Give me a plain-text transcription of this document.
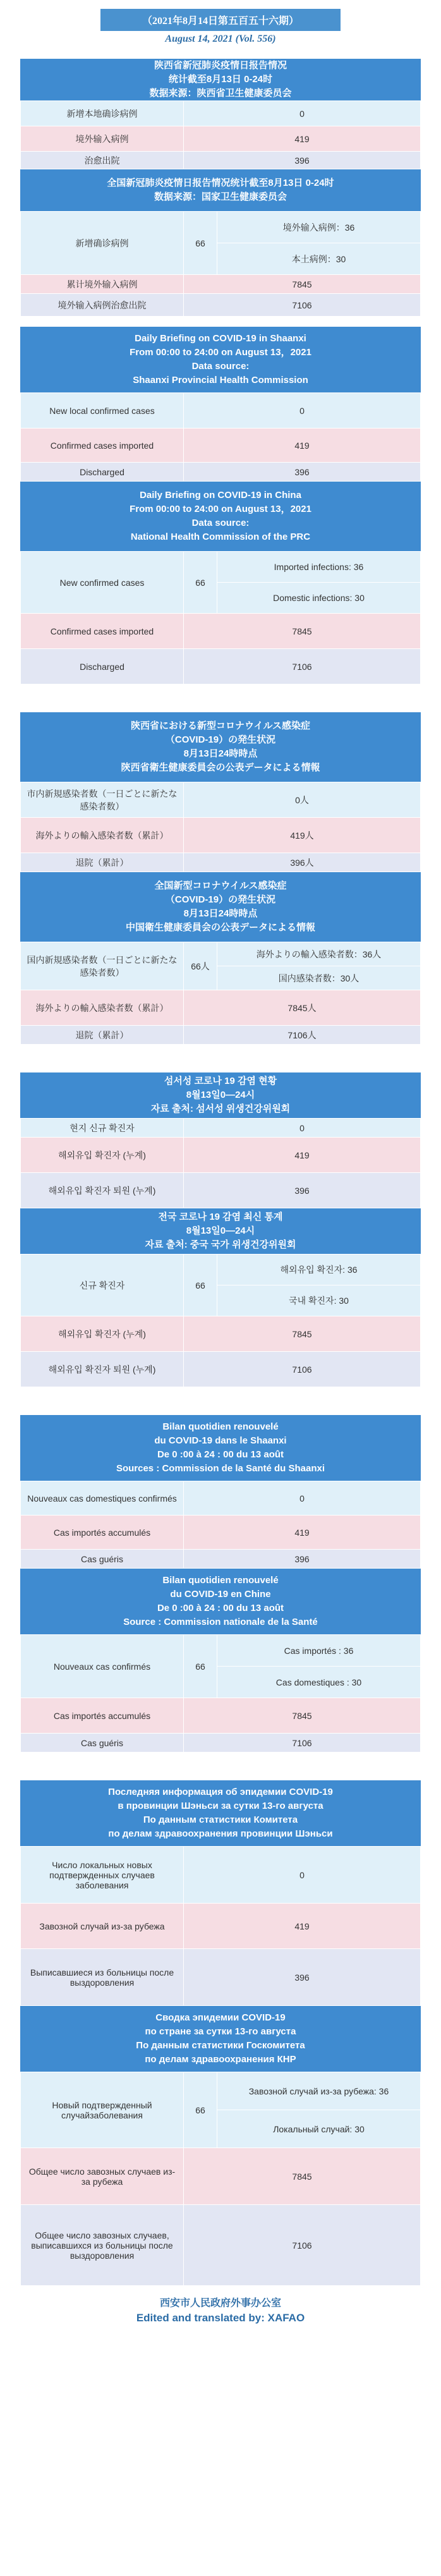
（2021年8月14日第五百五十六期）
August 14, 2021 (Vol. 556)
陕西省新冠肺炎疫情日报告情况
统计截至8月13日 0-24时
数据来源：陕西省卫生健康委员会
新增本地确诊病例	0
境外输入病例	419
治愈出院	396
全国新冠肺炎疫情日报告情况统计截至8月13日 0-24时
数据来源：国家卫生健康委员会
新增确诊病例	66	境外输入病例：36
		本土病例：30
累计境外输入病例	7845	
境外输入病例治愈出院	7106	
Daily Briefing on COVID-19 in Shaanxi
From 00:00 to 24:00 on August 13，2021
Data source:
Shaanxi Provincial Health Commission
New local confirmed cases	0
Confirmed cases imported	419
Discharged	396
Daily Briefing on COVID-19 in China
From 00:00 to 24:00 on August 13，2021
Data source:
National Health Commission of the PRC
New confirmed cases	66	Imported infections: 36
		Domestic infections: 30
Confirmed cases imported	7845	
Discharged	7106	
陝西省における新型コロナウイルス感染症
（COVID-19）の発生状況
8月13日24時時点
陝西省衛生健康委員会の公表データによる情報
市内新規感染者数（一日ごとに新たな感染者数）	0人
海外よりの輸入感染者数（累計）	419人
退院（累計）	396人
全国新型コロナウイルス感染症
（COVID-19）の発生状況
8月13日24時時点
中国衛生健康委員会の公表データによる情報
国内新規感染者数（一日ごとに新たな感染者数）	66人	海外よりの輸入感染者数：36人
		国内感染者数：30人
海外よりの輸入感染者数（累計）	7845人	
退院（累計）	7106人	
섬서성 코로나 19 감염 현황
8월13일0—24시
자료 출처: 섬서성 위생건강위원회
현지 신규 확진자	0
해외유입 확진자 (누계)	419
해외유입 확진자 퇴원 (누계)	396
전국 코로나 19 감염 최신 통계
8월13일0—24시
자료 출처: 중국 국가 위생건강위원회
신규 확진자	66	해외유입 확진자: 36
		국내 확진자: 30
해외유입 확진자 (누계)	7845	
해외유입 확진자 퇴원 (누계)	7106	
Bilan quotidien renouvelé
du COVID-19 dans le Shaanxi
De 0 :00 à 24 : 00 du 13 août
Sources : Commission de la Santé du Shaanxi
Nouveaux cas domestiques confirmés	0
Cas importés accumulés	419
Cas guéris	396
Bilan quotidien renouvelé
du COVID-19 en Chine
De 0 :00 à 24 : 00 du 13 août
Source : Commission nationale de la Santé
Nouveaux cas confirmés	66	Cas importés : 36
		Cas domestiques : 30
Cas importés accumulés	7845	
Cas guéris	7106	
Последняя информация об эпидемии COVID-19
в провинции Шэньси за сутки 13-го августа
По данным статистики Комитета
по делам здравоохранения провинции Шэньси
Число локальных новых подтвержденных случаев заболевания	0
Завозной случай из-за рубежа	419
Выписавшиеся из больницы после выздоровления	396
Сводка эпидемии COVID-19
по стране за сутки 13-го августа
По данным статистики Госкомитета
по делам здравоохранения КНР
Новый подтвержденный случайзаболевания	66	Завозной случай из-за рубежа: 36
		Локальный случай: 30
Общее число завозных случаев из-за рубежа	7845	
Общее число завозных случаев, выписавшихся из больницы после выздоровления	7106	
西安市人民政府外事办公室
Edited and translated by: XAFAO
